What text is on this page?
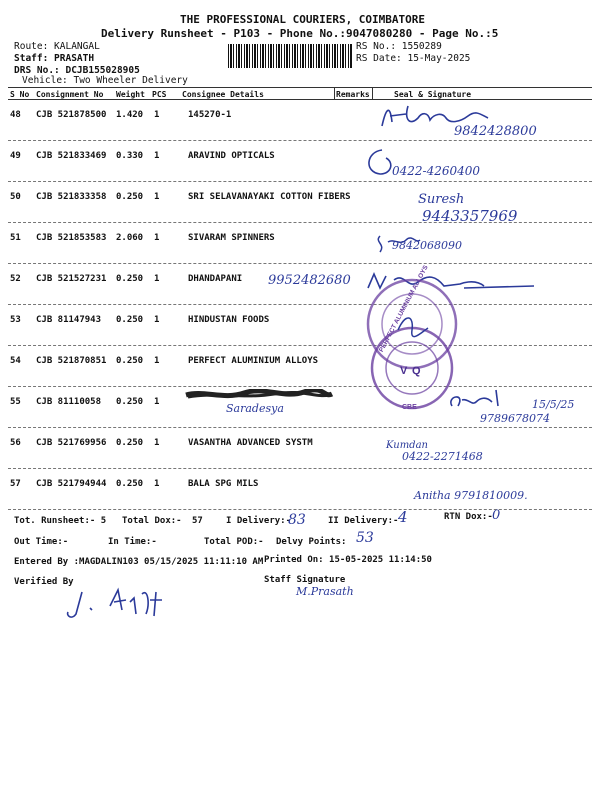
THE PROFESSIONAL COURIERS, COIMBATORE
Delivery Runsheet - P103 - Phone No.:9047080280 - Page No.:5
Route: KALANGAL
Staff: PRASATH
DRS No.: DCJB155028905
Vehicle: Two Wheeler Delivery
RS No.: 1550289
RS Date: 15-May-2025
S No Consignment No Weight PCS Consignee Details	Remarks	Seal & Signature
48 CJB 521878500 1.420 1	145270-1
49 CJB 521833469 0.330 1	ARAVIND OPTICALS
50 CJB 521833358 0.250 1	SRI SELAVANAYAKI COTTON FIBERS
51 CJB 521853583 2.060 1	SIVARAM SPINNERS
52 CJB 521527231 0.250 1	DHANDAPANI
53 CJB 81147943 0.250 1	HINDUSTAN FOODS
54 CJB 521870851 0.250 1	PERFECT ALUMINIUM ALLOYS
55 CJB 81110058 0.250 1
56 CJB 521769956 0.250 1	VASANTHA ADVANCED SYSTM
57 CJB 521794944 0.250 1	BALA SPG MILS
9842428800
0422-4260400
Suresh
9443357969
9842068090
9952482680
V Q
PERFECT ALUMINIUM ALLOYS
CBE
Saradesya	15/5/25
9789678074
Kumdan
0422-2271468
Anitha 9791810009.
Tot. Runsheet:- 5 Total Dox:- 57	I Delivery:-
83 II Delivery:- 4	RTN Dox:- 0
Out Time:-	In Time:-	Total POD:- Delvy Points: 53
Entered By :MAGDALIN103 05/15/2025 11:11:10 AM Printed On: 15-05-2025 11:14:50
Verified By	Staff Signature
M.Prasath
